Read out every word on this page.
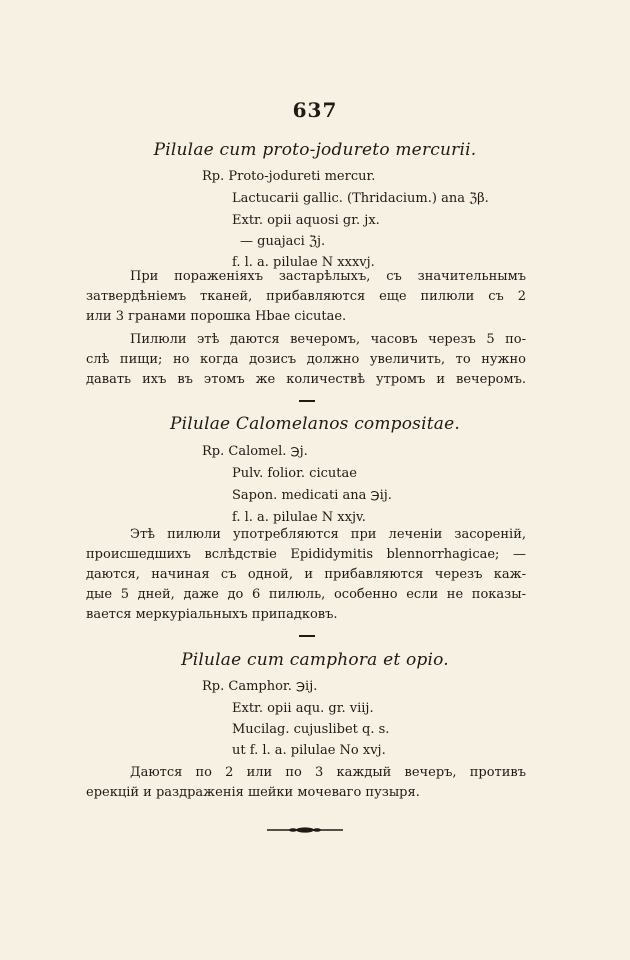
637
Pilulae cum proto-jodureto mercurii.
Rp. Proto-jodureti mercur.
Lactucarii gallic. (Thridacium.) ana ℨβ.
Extr. opii aquosi gr. jx.
— guajaci ℨj.
f. l. a. pilulae N xxxvj.
При пораженіяхъ застарѣлыхъ, съ значительнымъ
затвердѣніемъ тканей, прибавляются еще пилюли съ 2
или 3 гранами порошка Hbae cicutae.
Пилюли этѣ даются вечеромъ, часовъ черезъ 5 по-
слѣ пищи; но когда дозисъ должно увеличить, то нужно
давать ихъ въ этомъ же количествѣ утромъ и вечеромъ.
Pilulae Calomelanos compositae.
Rp. Calomel. ℈j.
Pulv. folior. cicutae
Sapon. medicati ana ℈ij.
f. l. a. pilulae N xxjv.
Этѣ пилюли употребляются при леченіи засореній,
происшедшихъ вслѣдствіе Epididymitis blennorrhagicae; —
даются, начиная съ одной, и прибавляются черезъ каж-
дые 5 дней, даже до 6 пилюль, особенно если не показы-
вается меркуріальныхъ припадковъ.
Pilulae cum camphora et opio.
Rp. Camphor. ℈ij.
Extr. opii aqu. gr. viij.
Mucilag. cujuslibet q. s.
ut f. l. a. pilulae No xvj.
Даются по 2 или по 3 каждый вечеръ, противъ
ерекцій и раздраженія шейки мочеваго пузыря.
